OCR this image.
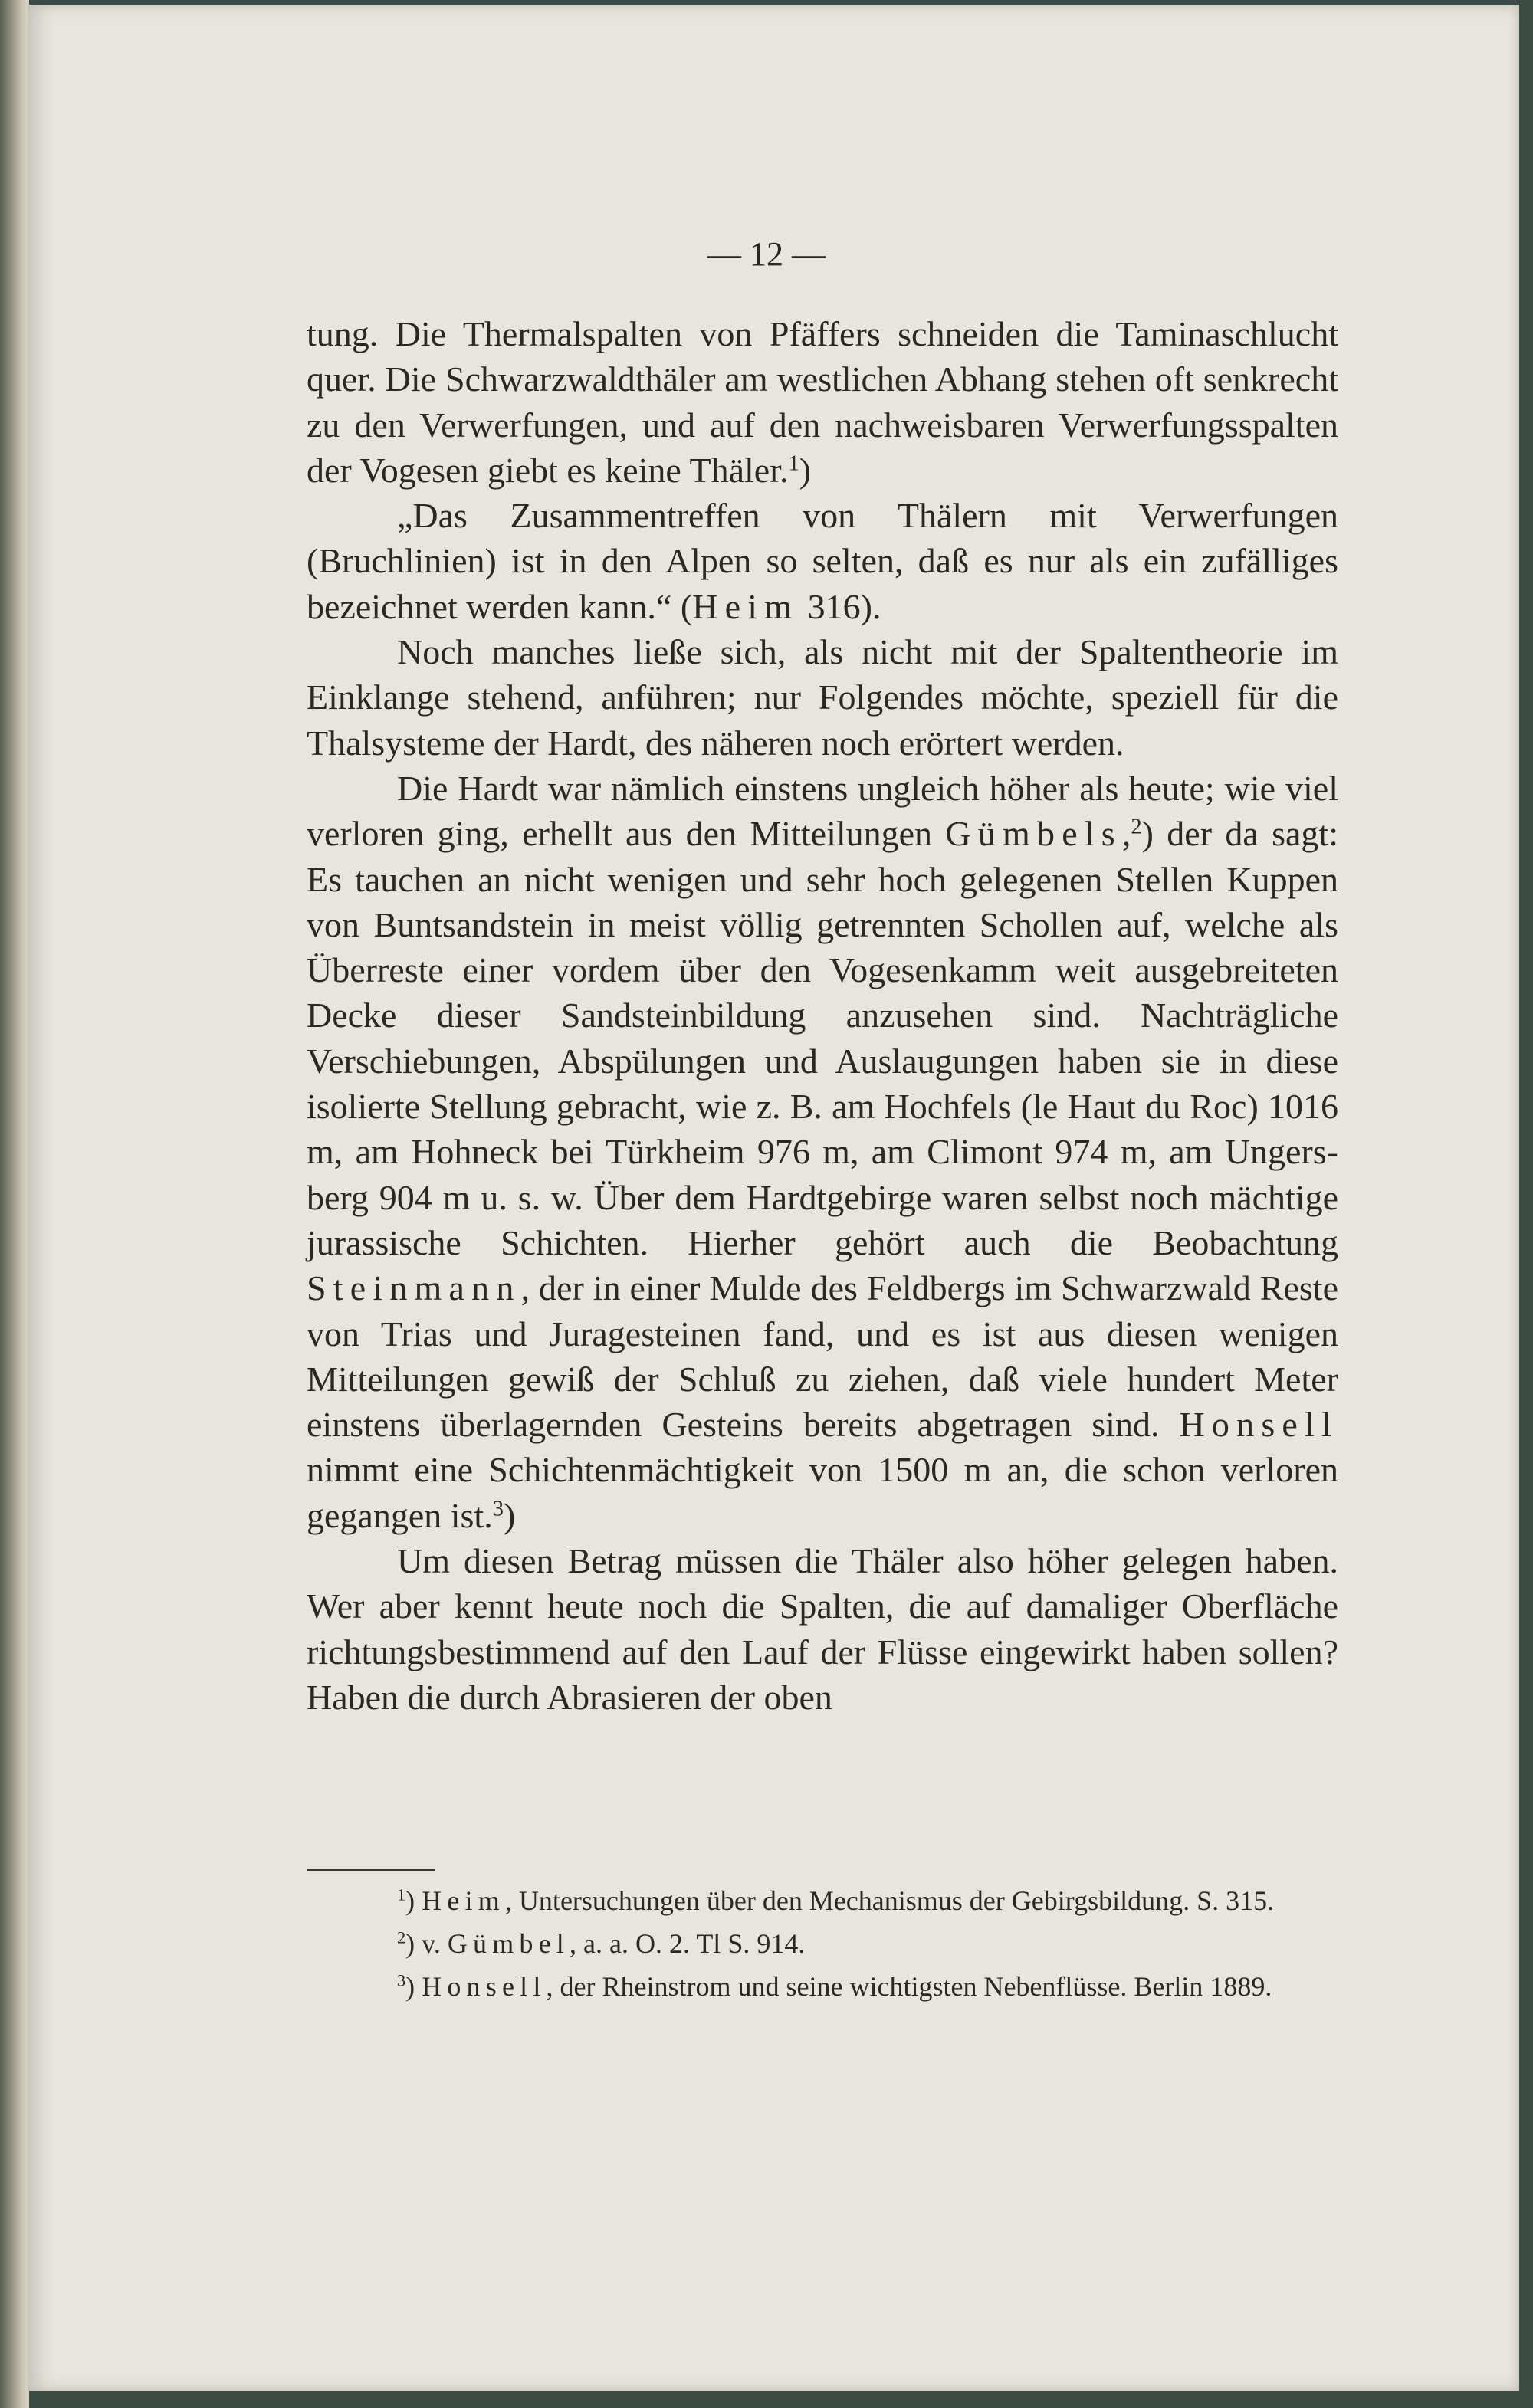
— 12 —

tung. Die Thermalspalten von Pfäffers schneiden die Taminaschlucht quer. Die Schwarzwaldthäler am westlichen Abhang stehen oft senkrecht zu den Verwerfungen, und auf den nachweisbaren Verwerfungsspalten der Vogesen giebt es keine Thäler.$^1$)

„Das Zusammentreffen von Thälern mit Verwerfungen (Bruchlinien) ist in den Alpen so selten, daß es nur als ein zufälliges bezeichnet werden kann.“ (Heim 316).

Noch manches ließe sich, als nicht mit der Spaltentheorie im Einklange stehend, anführen; nur Folgendes möchte, speziell für die Thalsysteme der Hardt, des näheren noch erörtert werden.

Die Hardt war nämlich einstens ungleich höher als heute; wie viel verloren ging, erhellt aus den Mitteilungen Gümbels,$^2$) der da sagt: Es tauchen an nicht wenigen und sehr hoch gelegenen Stellen Kuppen von Buntsandstein in meist völlig getrennten Schollen auf, welche als Überreste einer vordem über den Vogesenkamm weit ausgebreiteten Decke dieser Sandsteinbildung anzusehen sind. Nachträgliche Verschiebungen, Abspülungen und Auslaugungen haben sie in diese isolierte Stellung gebracht, wie z. B. am Hochfels (le Haut du Roc) 1016 m, am Hohneck bei Türkheim 976 m, am Climont 974 m, am Ungersberg 904 m u. s. w. Über dem Hardtgebirge waren selbst noch mächtige jurassische Schichten. Hierher gehört auch die Beobachtung Steinmann, der in einer Mulde des Feldbergs im Schwarzwald Reste von Trias und Juragesteinen fand, und es ist aus diesen wenigen Mitteilungen gewiß der Schluß zu ziehen, daß viele hundert Meter einstens überlagernden Gesteins bereits abgetragen sind. Honsell nimmt eine Schichtenmächtigkeit von 1500 m an, die schon verloren gegangen ist.$^3$)

Um diesen Betrag müssen die Thäler also höher gelegen haben. Wer aber kennt heute noch die Spalten, die auf damaliger Oberfläche richtungsbestimmend auf den Lauf der Flüsse eingewirkt haben sollen? Haben die durch Abrasieren der oben

$^1$) Heim, Untersuchungen über den Mechanismus der Gebirgsbildung. S. 315.

$^2$) v. Gümbel, a. a. O. 2. Tl S. 914.

$^3$) Honsell, der Rheinstrom und seine wichtigsten Nebenflüsse. Berlin 1889.
